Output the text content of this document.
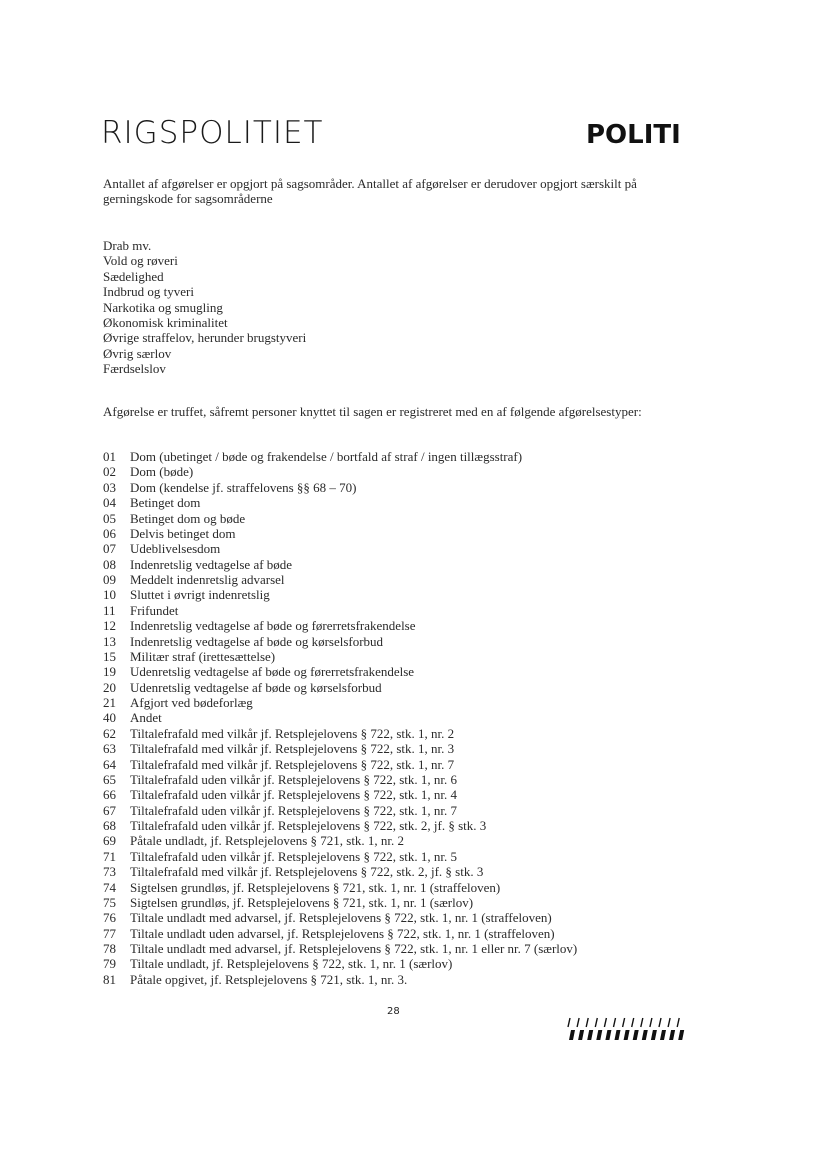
RIGSPOLITIET	POLITI
Antallet af afgørelser er opgjort på sagsområder. Antallet af afgørelser er derudover opgjort særskilt på gerningskode for sagsområderne
Drab mv.
Vold og røveri
Sædelighed
Indbrud og tyveri
Narkotika og smugling
Økonomisk kriminalitet
Øvrige straffelov, herunder brugstyveri
Øvrig særlov
Færdselslov
Afgørelse er truffet, såfremt personer knyttet til sagen er registreret med en af følgende afgørelsestyper:
01 Dom (ubetinget / bøde og frakendelse / bortfald af straf / ingen tillægsstraf)
02 Dom (bøde)
03 Dom (kendelse jf. straffelovens §§ 68 – 70)
04 Betinget dom
05 Betinget dom og bøde
06 Delvis betinget dom
07 Udeblivelsesdom
08 Indenretslig vedtagelse af bøde
09 Meddelt indenretslig advarsel
10 Sluttet i øvrigt indenretslig
11 Frifundet
12 Indenretslig vedtagelse af bøde og førerretsfrakendelse
13 Indenretslig vedtagelse af bøde og kørselsforbud
15 Militær straf (irettesættelse)
19 Udenretslig vedtagelse af bøde og førerretsfrakendelse
20 Udenretslig vedtagelse af bøde og kørselsforbud
21 Afgjort ved bødeforlæg
40 Andet
62 Tiltalefrafald med vilkår jf. Retsplejelovens § 722, stk. 1, nr. 2
63 Tiltalefrafald med vilkår jf. Retsplejelovens § 722, stk. 1, nr. 3
64 Tiltalefrafald med vilkår jf. Retsplejelovens § 722, stk. 1, nr. 7
65 Tiltalefrafald uden vilkår jf. Retsplejelovens § 722, stk. 1, nr. 6
66 Tiltalefrafald uden vilkår jf. Retsplejelovens § 722, stk. 1, nr. 4
67 Tiltalefrafald uden vilkår jf. Retsplejelovens § 722, stk. 1, nr. 7
68 Tiltalefrafald uden vilkår jf. Retsplejelovens § 722, stk. 2, jf. § stk. 3
69 Påtale undladt, jf. Retsplejelovens § 721, stk. 1, nr. 2
71 Tiltalefrafald uden vilkår jf. Retsplejelovens § 722, stk. 1, nr. 5
73 Tiltalefrafald med vilkår jf. Retsplejelovens § 722, stk. 2, jf. § stk. 3
74 Sigtelsen grundløs, jf. Retsplejelovens § 721, stk. 1, nr. 1 (straffeloven)
75 Sigtelsen grundløs, jf. Retsplejelovens § 721, stk. 1, nr. 1 (særlov)
76 Tiltale undladt med advarsel, jf. Retsplejelovens § 722, stk. 1, nr. 1 (straffeloven)
77 Tiltale undladt uden advarsel, jf. Retsplejelovens § 722, stk. 1, nr. 1 (straffeloven)
78 Tiltale undladt med advarsel, jf. Retsplejelovens § 722, stk. 1, nr. 1 eller nr. 7 (særlov)
79 Tiltale undladt, jf. Retsplejelovens § 722, stk. 1, nr. 1 (særlov)
81 Påtale opgivet, jf. Retsplejelovens § 721, stk. 1, nr. 3.
28
